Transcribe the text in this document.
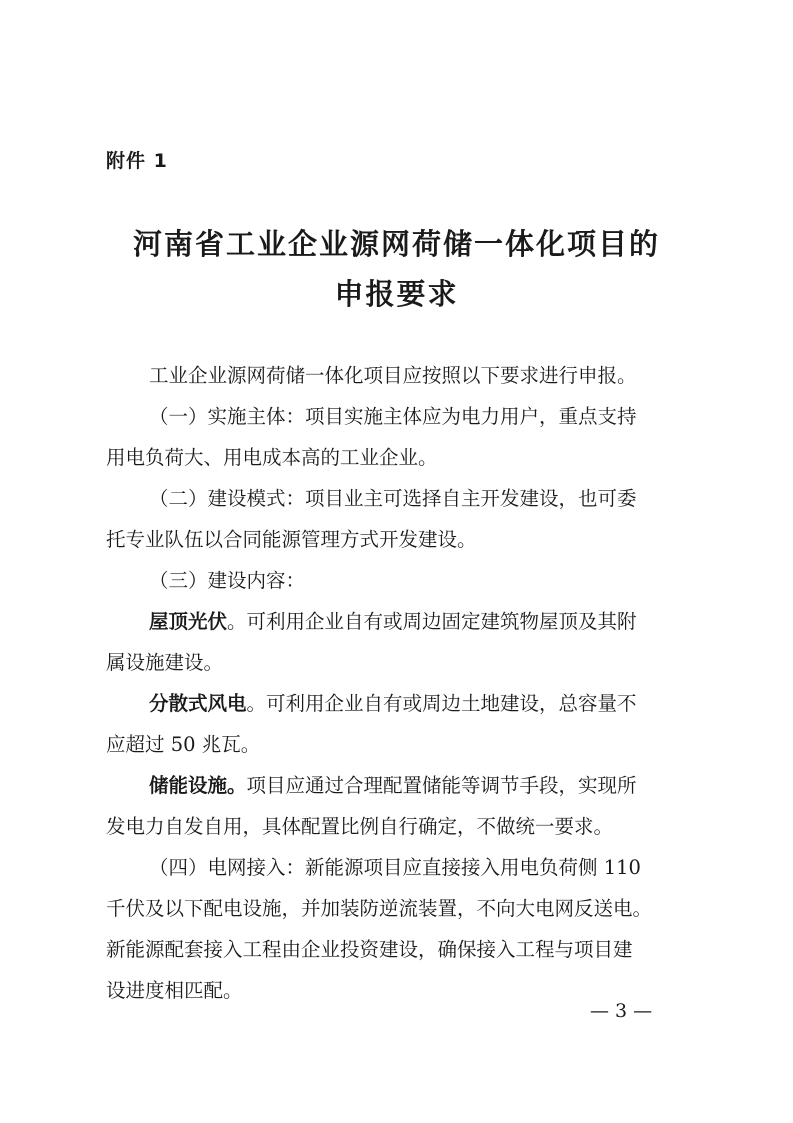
附件 1
河南省工业企业源网荷储一体化项目的
申报要求
工业企业源网荷储一体化项目应按照以下要求进行申报。
（一）实施主体：项目实施主体应为电力用户，重点支持
用电负荷大、用电成本高的工业企业。
（二）建设模式：项目业主可选择自主开发建设，也可委
托专业队伍以合同能源管理方式开发建设。
（三）建设内容：
屋顶光伏。可利用企业自有或周边固定建筑物屋顶及其附
属设施建设。
分散式风电。可利用企业自有或周边土地建设，总容量不
应超过 50 兆瓦。
储能设施。项目应通过合理配置储能等调节手段，实现所
发电力自发自用，具体配置比例自行确定，不做统一要求。
（四）电网接入：新能源项目应直接接入用电负荷侧 110
千伏及以下配电设施，并加装防逆流装置，不向大电网反送电。
新能源配套接入工程由企业投资建设，确保接入工程与项目建
设进度相匹配。
— 3 —
